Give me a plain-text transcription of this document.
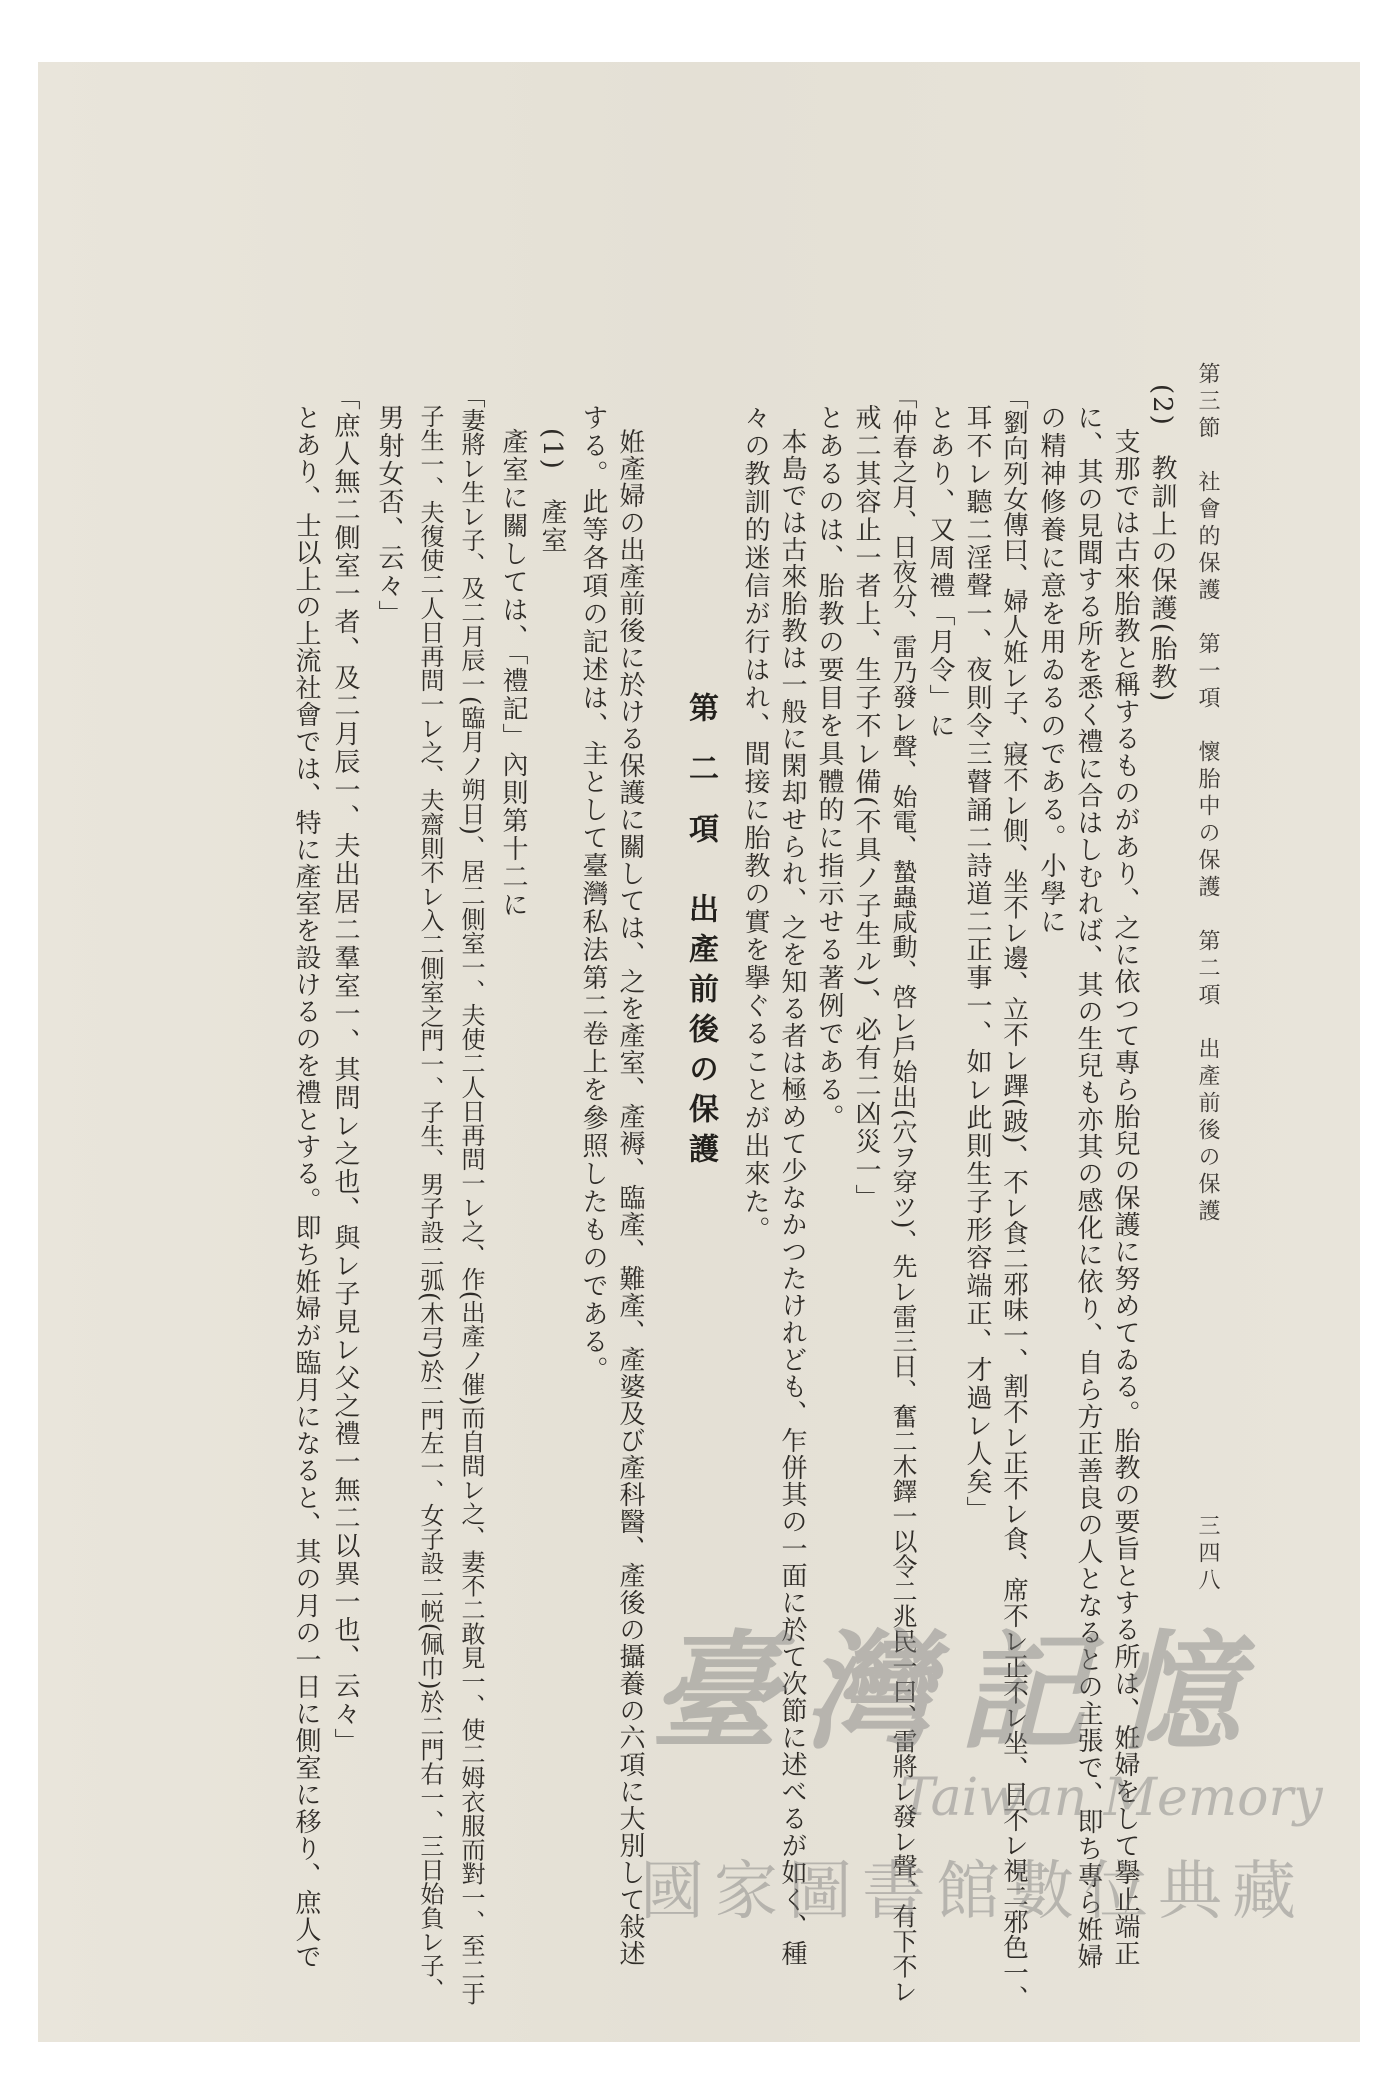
第三節　社會的保護　第一項　懷胎中の保護　第二項　出產前後の保護
三四八
(2)　教訓上の保護(胎教)
支那では古來胎教と稱するものがあり、之に依つて專ら胎兒の保護に努めてゐる。胎教の要旨とする所は、姙婦をして擧止端正
に、其の見聞する所を悉く禮に合はしむれば、其の生兒も亦其の感化に依り、自ら方正善良の人となるとの主張で、即ち專ら姙婦
の精神修養に意を用ゐるのである。小學に
「劉向列女傳曰、婦人姙レ子、寢不レ側、坐不レ邊、立不レ蹕(跛)、不レ食二邪味一、割不レ正不レ食、席不レ正不レ坐、目不レ視二邪色一、
耳不レ聽二淫聲一、夜則令三瞽誦二詩道二正事一、如レ此則生子形容端正、才過レ人矣」
とあり、又周禮「月令」に
「仲春之月、日夜分、雷乃發レ聲、始電、蟄蟲咸動、啓レ戶始出(穴ヲ穿ツ)、先レ雷三日、奮二木鐸一以令二兆民一曰、雷將レ發レ聲、有下不レ
戒二其容止一者上、生子不レ備(不具ノ子生ル)、必有二凶災一」
とあるのは、胎教の要目を具體的に指示せる著例である。
本島では古來胎教は一般に閑却せられ、之を知る者は極めて少なかつたけれども、乍併其の一面に於て次節に述べるが如く、種
々の教訓的迷信が行はれ、間接に胎教の實を擧ぐることが出來た。
第 二 項　出產前後の保護
姙產婦の出產前後に於ける保護に關しては、之を產室、產褥、臨產、難產、產婆及び產科醫、產後の攝養の六項に大別して敍述
する。此等各項の記述は、主として臺灣私法第二卷上を參照したものである。
(1)　產室
產室に關しては、「禮記」內則第十二に
「妻將レ生レ子、及二月辰一(臨月ノ朔日)、居二側室一、夫使二人日再問一レ之、作(出產ノ催)而自問レ之、妻不二敢見一、使二姆衣服而對一、至二于
子生一、夫復使二人日再問一レ之、夫齋則不レ入二側室之門一、子生、男子設二弧(木弓)於二門左一、女子設二帨(佩巾)於二門右一、三日始負レ子、
男射女否、云々」
「庶人無二側室一者、及二月辰一、夫出居二羣室一、其問レ之也、與レ子見レ父之禮一無二以異一也、云々」
とあり、士以上の上流社會では、特に產室を設けるのを禮とする。即ち姙婦が臨月になると、其の月の一日に側室に移り、庶人で	臺灣記憶
Taiwan Memory
國家圖書館數位典藏
